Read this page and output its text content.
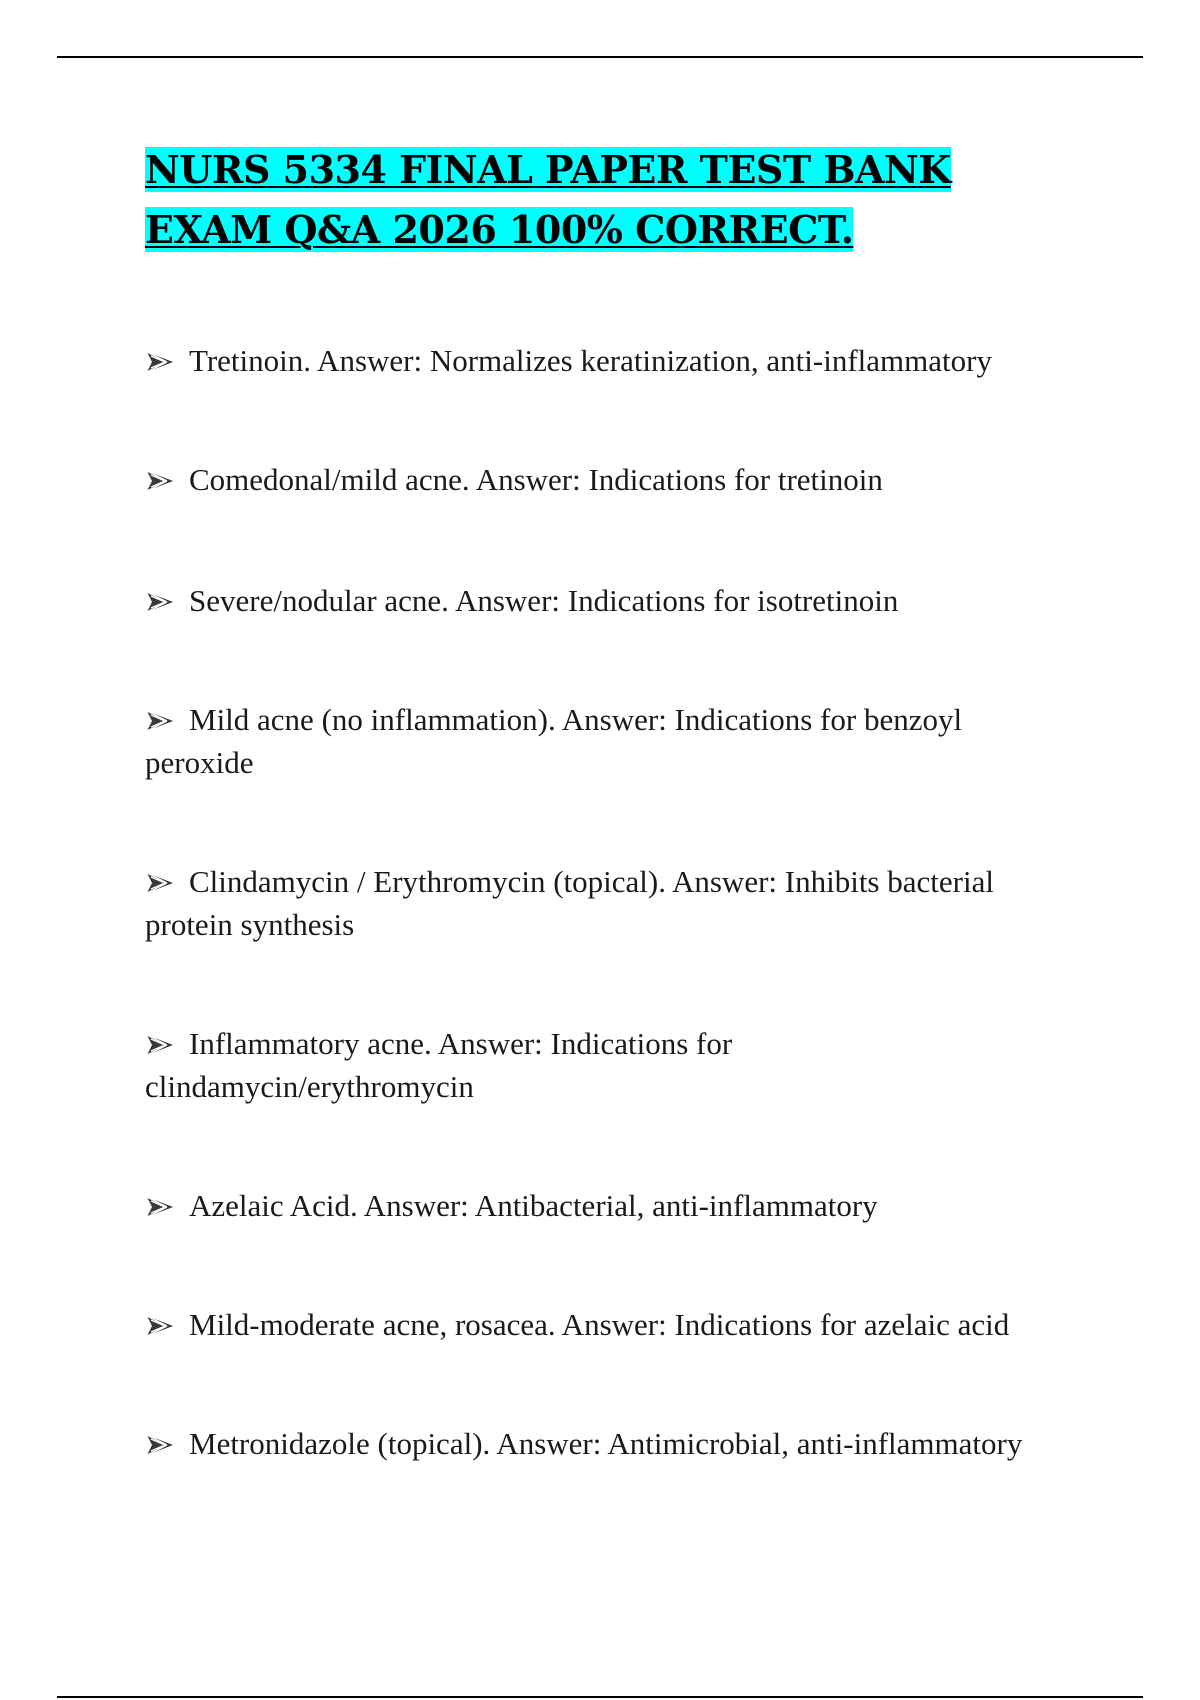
NURS 5334 FINAL PAPER TEST BANK EXAM Q&A 2026 100% CORRECT.
Tretinoin. Answer: Normalizes keratinization, anti-inflammatory
Comedonal/mild acne. Answer: Indications for tretinoin
Severe/nodular acne. Answer: Indications for isotretinoin
Mild acne (no inflammation). Answer: Indications for benzoyl peroxide
Clindamycin / Erythromycin (topical). Answer: Inhibits bacterial protein synthesis
Inflammatory acne. Answer: Indications for clindamycin/erythromycin
Azelaic Acid. Answer: Antibacterial, anti-inflammatory
Mild-moderate acne, rosacea. Answer: Indications for azelaic acid
Metronidazole (topical). Answer: Antimicrobial, anti-inflammatory
